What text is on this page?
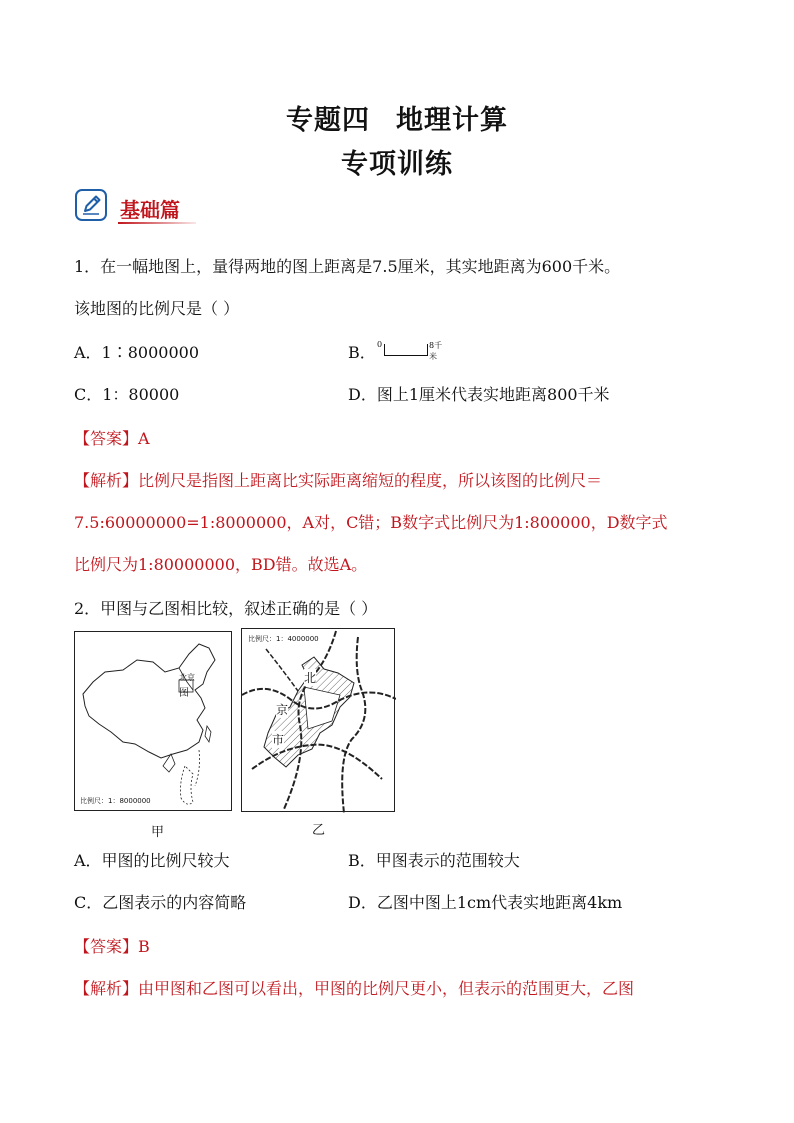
专题四 地理计算
专项训练
基础篇
1．在一幅地图上，量得两地的图上距离是7.5厘米，其实地距离为600千米。
该地图的比例尺是（ ）
A．1∶8000000	B． 0	8千米
C．1：80000	D．图上1厘米代表实地距离800千米
【答案】A
【解析】比例尺是指图上距离比实际距离缩短的程度，所以该图的比例尺＝
7.5:60000000=1:8000000，A对，C错；B数字式比例尺为1:800000，D数字式
比例尺为1:80000000，BD错。故选A。
2．甲图与乙图相比较，叙述正确的是（ ）
北京
图
比例尺：1：8000000
甲
北
京
市
比例尺：1：4000000
乙
A．甲图的比例尺较大	B．甲图表示的范围较大
C．乙图表示的内容简略	D．乙图中图上1cm代表实地距离4km
【答案】B
【解析】由甲图和乙图可以看出，甲图的比例尺更小，但表示的范围更大，乙图
